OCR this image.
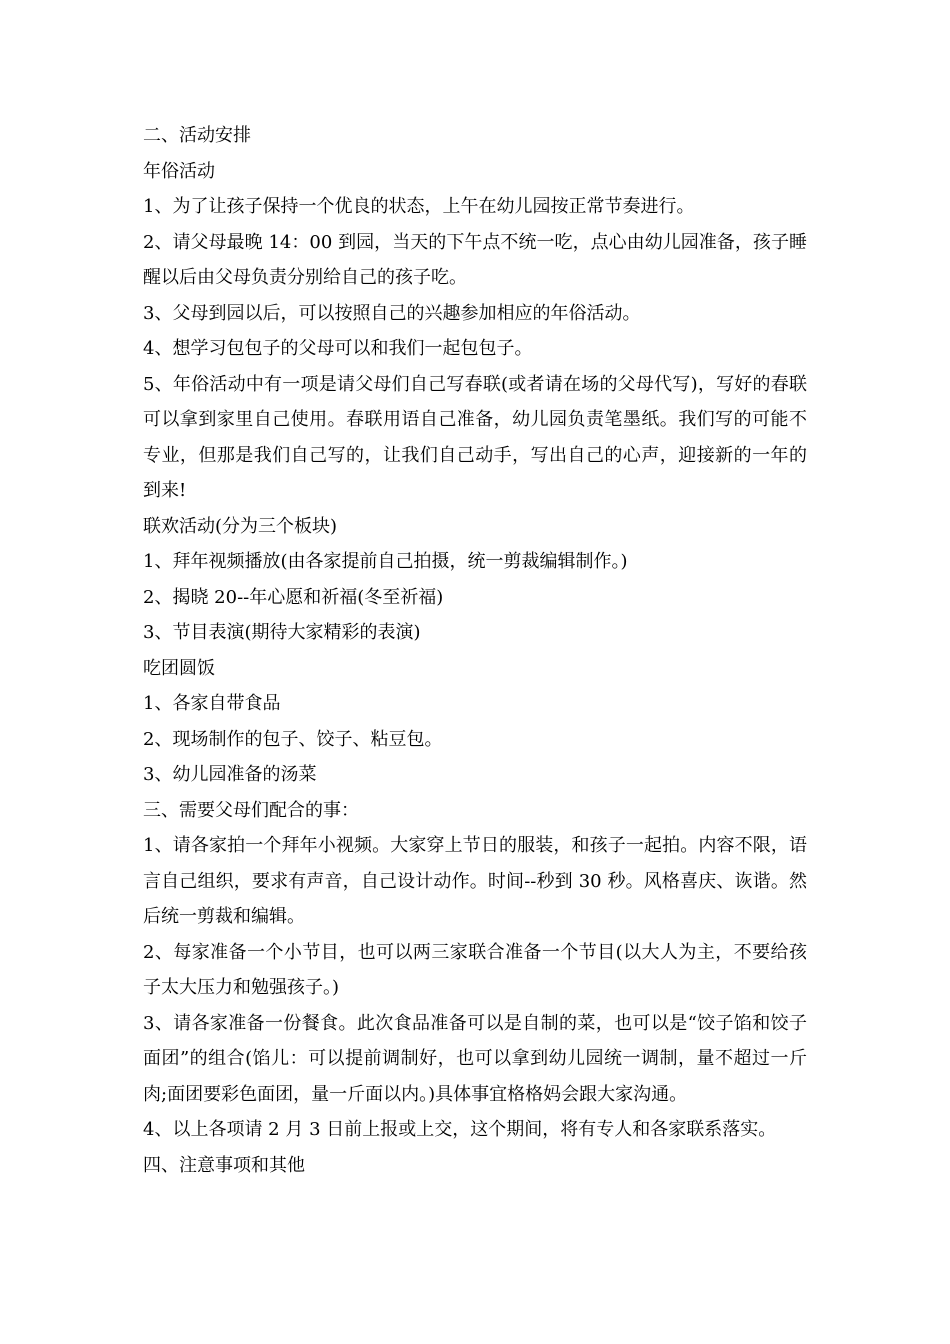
二、活动安排

年俗活动

1、为了让孩子保持一个优良的状态，上午在幼儿园按正常节奏进行。

2、请父母最晚 14：00 到园，当天的下午点不统一吃，点心由幼儿园准备，孩子睡醒以后由父母负责分别给自己的孩子吃。

3、父母到园以后，可以按照自己的兴趣参加相应的年俗活动。

4、想学习包包子的父母可以和我们一起包包子。

5、年俗活动中有一项是请父母们自己写春联(或者请在场的父母代写)，写好的春联可以拿到家里自己使用。春联用语自己准备，幼儿园负责笔墨纸。我们写的可能不专业，但那是我们自己写的，让我们自己动手，写出自己的心声，迎接新的一年的到来!

联欢活动(分为三个板块)

1、拜年视频播放(由各家提前自己拍摄，统一剪裁编辑制作。)

2、揭晓 20--年心愿和祈福(冬至祈福)

3、节目表演(期待大家精彩的表演)

吃团圆饭

1、各家自带食品

2、现场制作的包子、饺子、粘豆包。

3、幼儿园准备的汤菜

三、需要父母们配合的事：

1、请各家拍一个拜年小视频。大家穿上节日的服装，和孩子一起拍。内容不限，语言自己组织，要求有声音，自己设计动作。时间--秒到 30 秒。风格喜庆、诙谐。然后统一剪裁和编辑。

2、每家准备一个小节目，也可以两三家联合准备一个节目(以大人为主，不要给孩子太大压力和勉强孩子。)

3、请各家准备一份餐食。此次食品准备可以是自制的菜，也可以是“饺子馅和饺子面团”的组合(馅儿：可以提前调制好，也可以拿到幼儿园统一调制，量不超过一斤肉;面团要彩色面团，量一斤面以内。)具体事宜格格妈会跟大家沟通。

4、以上各项请 2 月 3 日前上报或上交，这个期间，将有专人和各家联系落实。

四、注意事项和其他
